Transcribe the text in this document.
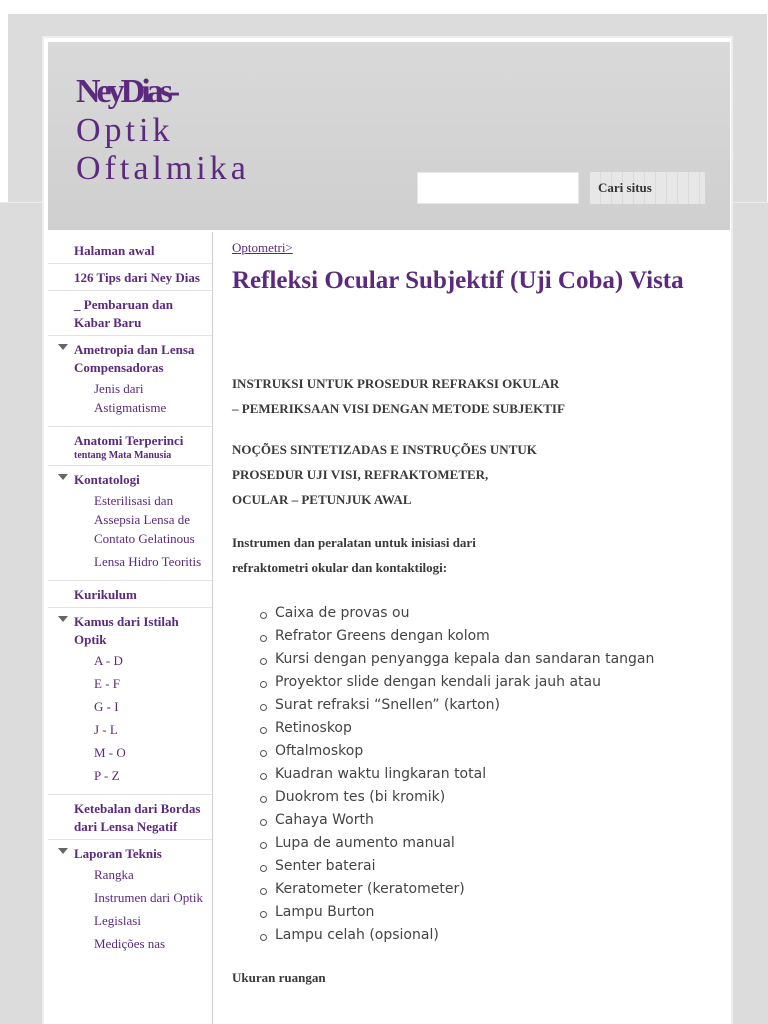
NeyDias-
Optik
Oftalmika
Cari situs
Halaman awal
126 Tips dari Ney Dias
_ Pembaruan dan Kabar Baru
Ametropia dan Lensa Compensadoras
Jenis dari Astigmatisme
Anatomi Terperinci
tentang Mata Manusia
Kontatologi
Esterilisasi dan Assepsia Lensa de Contato Gelatinous
Lensa Hidro Teoritis
Kurikulum
Kamus dari Istilah Optik
A - D
E - F
G - I
J - L
M - O
P - Z
Ketebalan dari Bordas dari Lensa Negatif
Laporan Teknis
Rangka
Instrumen dari Optik
Legislasi
Medições nas
Optometri>
Refleksi Ocular Subjektif (Uji Coba) Vista
INSTRUKSI UNTUK PROSEDUR REFRAKSI OKULAR
– PEMERIKSAAN VISI DENGAN METODE SUBJEKTIF
NOÇÕES SINTETIZADAS E INSTRUÇÕES UNTUK
PROSEDUR UJI VISI, REFRAKTOMETER,
OCULAR – PETUNJUK AWAL
Instrumen dan peralatan untuk inisiasi dari
refraktometri okular dan kontaktilogi:
Caixa de provas ou
Refrator Greens dengan kolom
Kursi dengan penyangga kepala dan sandaran tangan
Proyektor slide dengan kendali jarak jauh atau
Surat refraksi “Snellen” (karton)
Retinoskop
Oftalmoskop
Kuadran waktu lingkaran total
Duokrom tes (bi kromik)
Cahaya Worth
Lupa de aumento manual
Senter baterai
Keratometer (keratometer)
Lampu Burton
Lampu celah (opsional)
Ukuran ruangan
